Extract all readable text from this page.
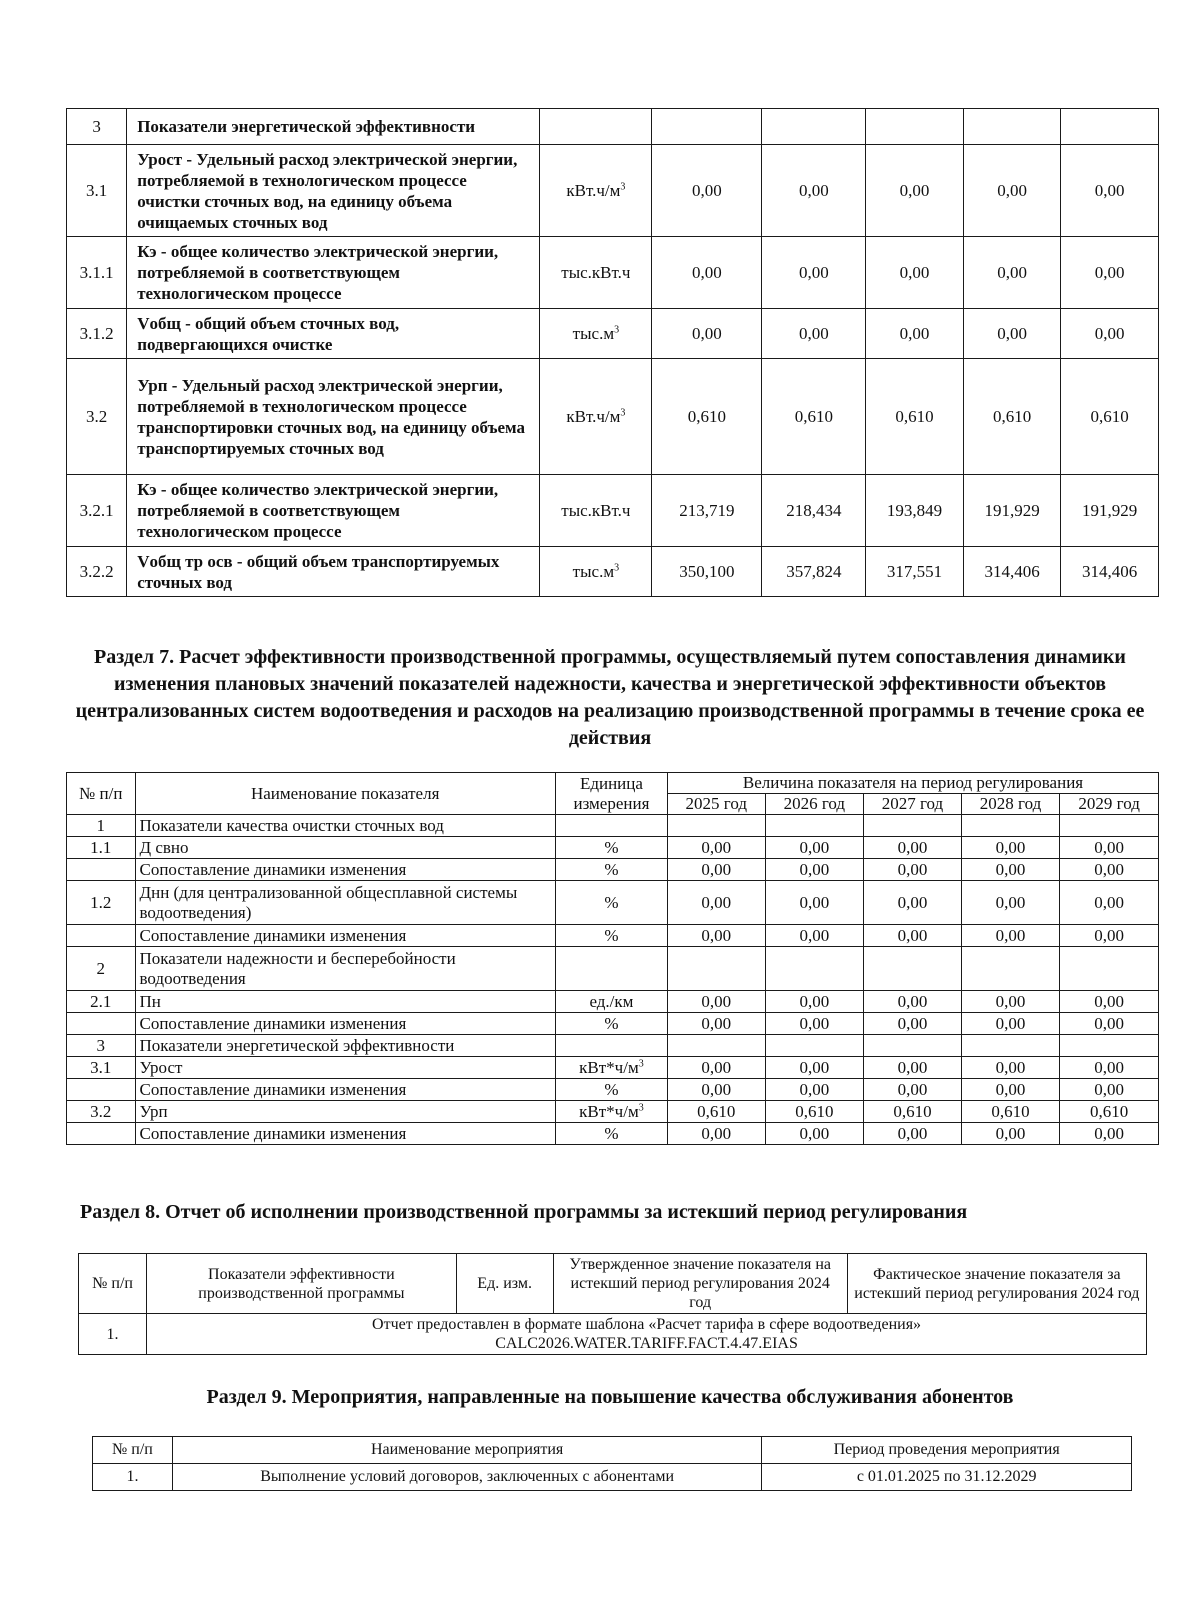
3	Показатели энергетической эффективности						
3.1	Урост - Удельный расход электрической энергии, потребляемой в технологическом процессе очистки сточных вод, на единицу объема очищаемых сточных вод	$кВт.ч/м^3$	0,00	0,00	0,00	0,00	0,00
3.1.1	Кэ - общее количество электрической энергии, потребляемой в соответствующем технологическом процессе	тыс.кВт.ч	0,00	0,00	0,00	0,00	0,00
3.1.2	Vобщ - общий объем сточных вод, подвергающихся очистке	$тыс.м^3$	0,00	0,00	0,00	0,00	0,00
3.2	Урп - Удельный расход электрической энергии, потребляемой в технологическом процессе транспортировки сточных вод, на единицу объема транспортируемых сточных вод	$кВт.ч/м^3$	0,610	0,610	0,610	0,610	0,610
3.2.1	Кэ - общее количество электрической энергии, потребляемой в соответствующем технологическом процессе	тыс.кВт.ч	213,719	218,434	193,849	191,929	191,929
3.2.2	Vобщ тр осв - общий объем транспортируемых сточных вод	$тыс.м^3$	350,100	357,824	317,551	314,406	314,406
Раздел 7. Расчет эффективности производственной программы, осуществляемый путем сопоставления динамики изменения плановых значений показателей надежности, качества и энергетической эффективности объектов централизованных систем водоотведения и расходов на реализацию производственной программы в течение срока ее действия
№ п/п	Наименование показателя	Единица измерения	Величина показателя на период регулирования				
			2025 год	2026 год	2027 год	2028 год	2029 год
1	Показатели качества очистки сточных вод						
1.1	Д свно	%	0,00	0,00	0,00	0,00	0,00
	Сопоставление динамики изменения	%	0,00	0,00	0,00	0,00	0,00
1.2	Днн (для централизованной общесплавной системы водоотведения)	%	0,00	0,00	0,00	0,00	0,00
	Сопоставление динамики изменения	%	0,00	0,00	0,00	0,00	0,00
2	Показатели надежности и бесперебойности водоотведения						
2.1	Пн	ед./км	0,00	0,00	0,00	0,00	0,00
	Сопоставление динамики изменения	%	0,00	0,00	0,00	0,00	0,00
3	Показатели энергетической эффективности						
3.1	Урост	$кВт*ч/м^3$	0,00	0,00	0,00	0,00	0,00
	Сопоставление динамики изменения	%	0,00	0,00	0,00	0,00	0,00
3.2	Урп	$кВт*ч/м^3$	0,610	0,610	0,610	0,610	0,610
	Сопоставление динамики изменения	%	0,00	0,00	0,00	0,00	0,00
Раздел 8. Отчет об исполнении производственной программы за истекший период регулирования
№ п/п	Показатели эффективности производственной программы	Ед. изм.	Утвержденное значение показателя на истекший период регулирования 2024 год	Фактическое значение показателя за истекший период регулирования 2024 год
1.	Отчет предоставлен в формате шаблона «Расчет тарифа в сфере водоотведения»
CALC2026.WATER.TARIFF.FACT.4.47.EIAS			
Раздел 9. Мероприятия, направленные на повышение качества обслуживания абонентов
№ п/п	Наименование мероприятия	Период проведения мероприятия
1.	Выполнение условий договоров, заключенных с абонентами	с 01.01.2025 по 31.12.2029
